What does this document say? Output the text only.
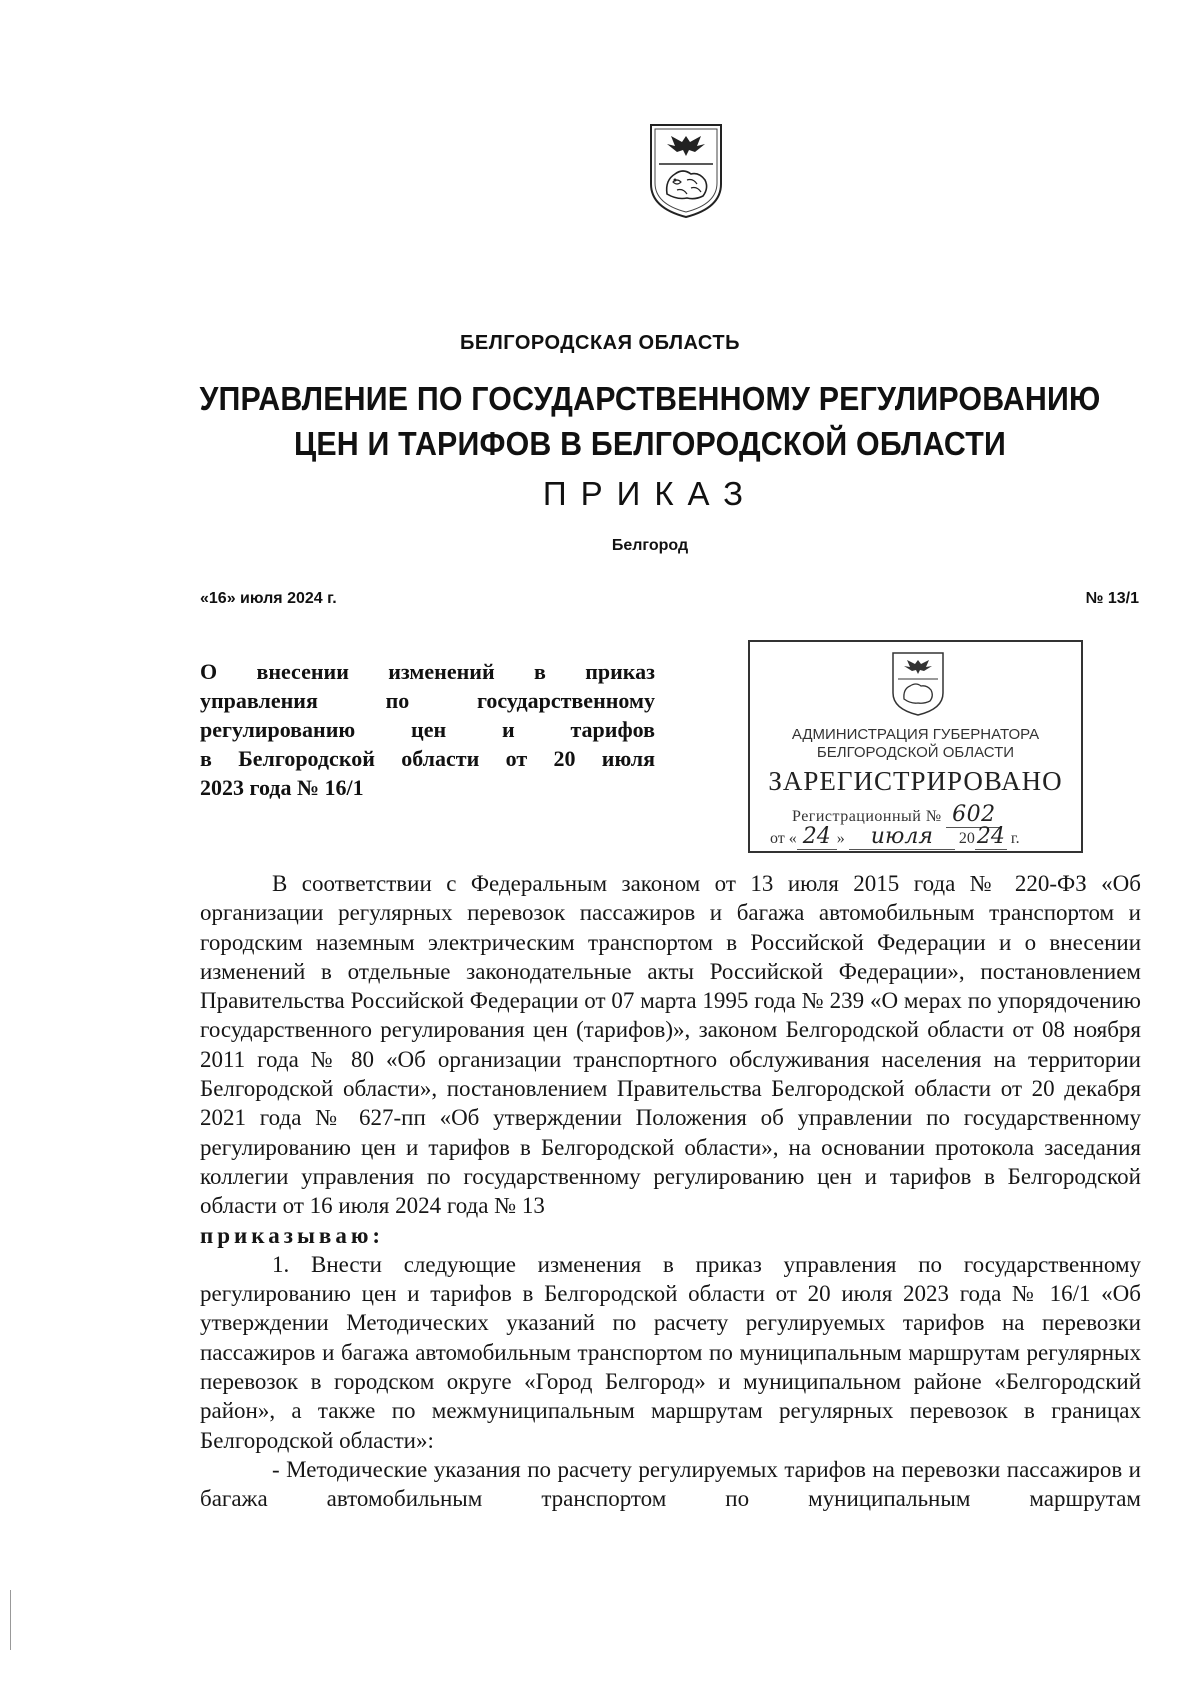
БЕЛГОРОДСКАЯ ОБЛАСТЬ
УПРАВЛЕНИЕ ПО ГОСУДАРСТВЕННОМУ РЕГУЛИРОВАНИЮ
ЦЕН И ТАРИФОВ В БЕЛГОРОДСКОЙ ОБЛАСТИ
ПРИКАЗ
Белгород
«16» июля 2024 г.	№ 13/1
О внесении изменений в приказ
управления по государственному
регулированию цен и тарифов
в Белгородской области от 20 июля
2023 года № 16/1
АДМИНИСТРАЦИЯ ГУБЕРНАТОРА
БЕЛГОРОДСКОЙ ОБЛАСТИ
ЗАРЕГИСТРИРОВАНО
Регистрационный № 602
от « 24 » июля 2024 г.

В соответствии с Федеральным законом от 13 июля 2015 года № 220-ФЗ «Об организации регулярных перевозок пассажиров и багажа автомобильным транспортом и городским наземным электрическим транспортом в Российской Федерации и о внесении изменений в отдельные законодательные акты Российской Федерации», постановлением Правительства Российской Федерации от 07 марта 1995 года № 239 «О мерах по упорядочению государственного регулирования цен (тарифов)», законом Белгородской области от 08 ноября 2011 года № 80 «Об организации транспортного обслуживания населения на территории Белгородской области», постановлением Правительства Белгородской области от 20 декабря 2021 года № 627-пп «Об утверждении Положения об управлении по государственному регулированию цен и тарифов в Белгородской области», на основании протокола заседания коллегии управления по государственному регулированию цен и тарифов в Белгородской области от 16 июля 2024 года № 13

приказываю:

1. Внести следующие изменения в приказ управления по государственному регулированию цен и тарифов в Белгородской области от 20 июля 2023 года № 16/1 «Об утверждении Методических указаний по расчету регулируемых тарифов на перевозки пассажиров и багажа автомобильным транспортом по муниципальным маршрутам регулярных перевозок в городском округе «Город Белгород» и муниципальном районе «Белгородский район», а также по межмуниципальным маршрутам регулярных перевозок в границах Белгородской области»:

- Методические указания по расчету регулируемых тарифов на перевозки пассажиров и багажа автомобильным транспортом по муниципальным маршрутам
